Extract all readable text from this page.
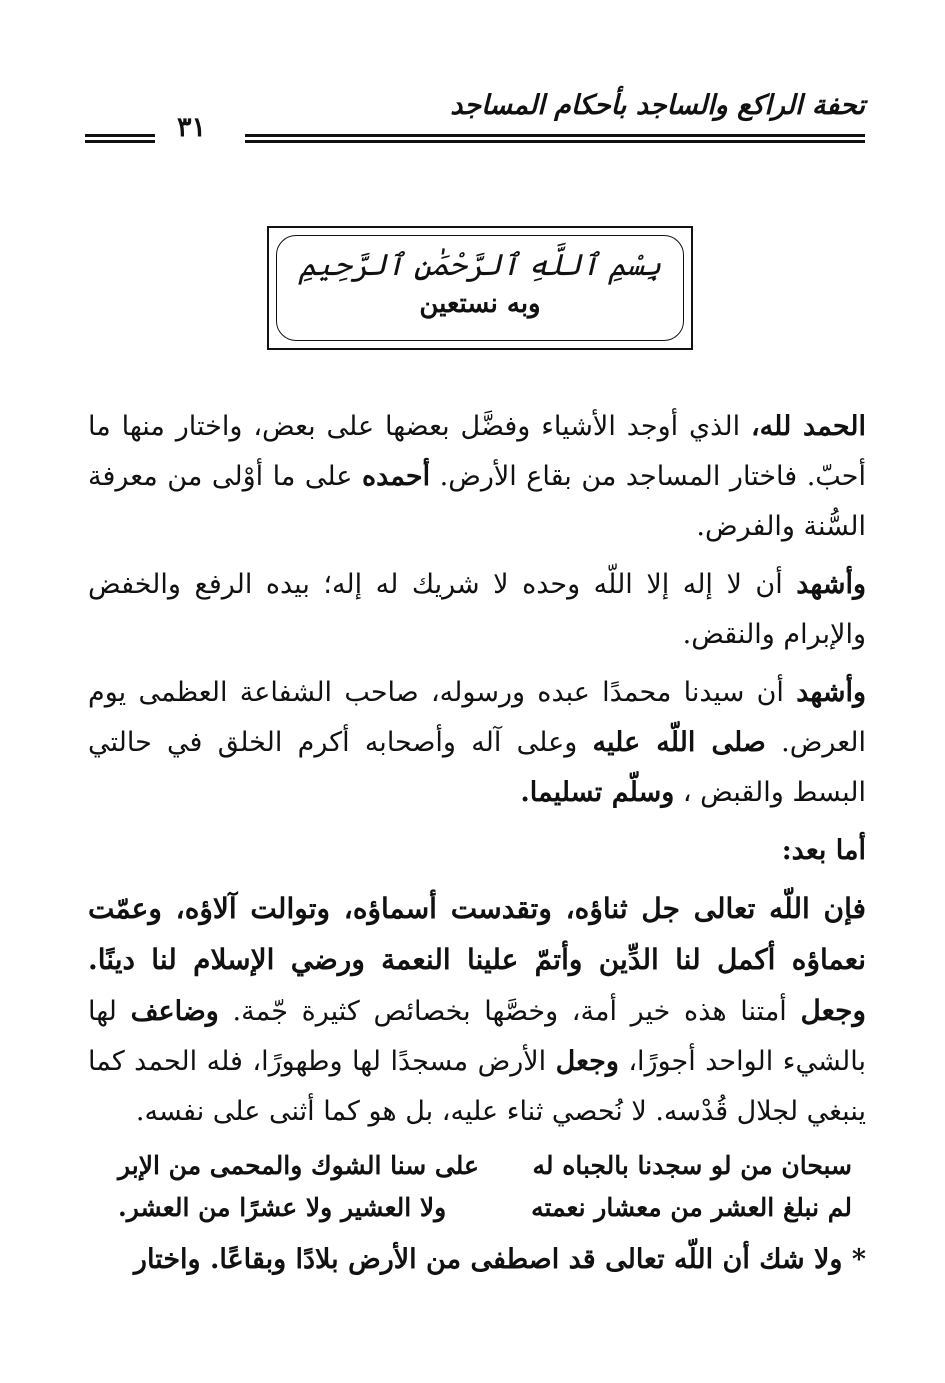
تحفة الراكع والساجد بأحكام المساجد
٣١
بِسْمِ ٱللَّهِ ٱلرَّحْمَٰنِ ٱلرَّحِيمِ
وبه نستعين

الحمد لله، الذي أوجد الأشياء وفضَّل بعضها على بعض، واختار منها ما أحبّ. فاختار المساجد من بقاع الأرض. أحمده على ما أوْلى من معرفة السُّنة والفرض.

وأشهد أن لا إله إلا اللّه وحده لا شريك له إله؛ بيده الرفع والخفض والإبرام والنقض.

وأشهد أن سيدنا محمدًا عبده ورسوله، صاحب الشفاعة العظمى يوم العرض. صلى اللّه عليه وعلى آله وأصحابه أكرم الخلق في حالتي البسط والقبض ، وسلّم تسليما.

أما بعد:

فإن اللّه تعالى جل ثناؤه، وتقدست أسماؤه، وتوالت آلاؤه، وعمّت نعماؤه أكمل لنا الدِّين وأتمّ علينا النعمة ورضي الإسلام لنا دينًا. وجعل أمتنا هذه خير أمة، وخصَّها بخصائص كثيرة جّمة. وضاعف لها بالشيء الواحد أجورًا، وجعل الأرض مسجدًا لها وطهورًا، فله الحمد كما ينبغي لجلال قُدْسه. لا نُحصي ثناء عليه، بل هو كما أثنى على نفسه.

سبحان من لو سجدنا بالجباه له
على سنا الشوك والمحمى من الإبر
لم نبلغ العشر من معشار نعمته
ولا العشير ولا عشرًا من العشر.

* ولا شك أن اللّه تعالى قد اصطفى من الأرض بلادًا وبقاعًا. واختار
